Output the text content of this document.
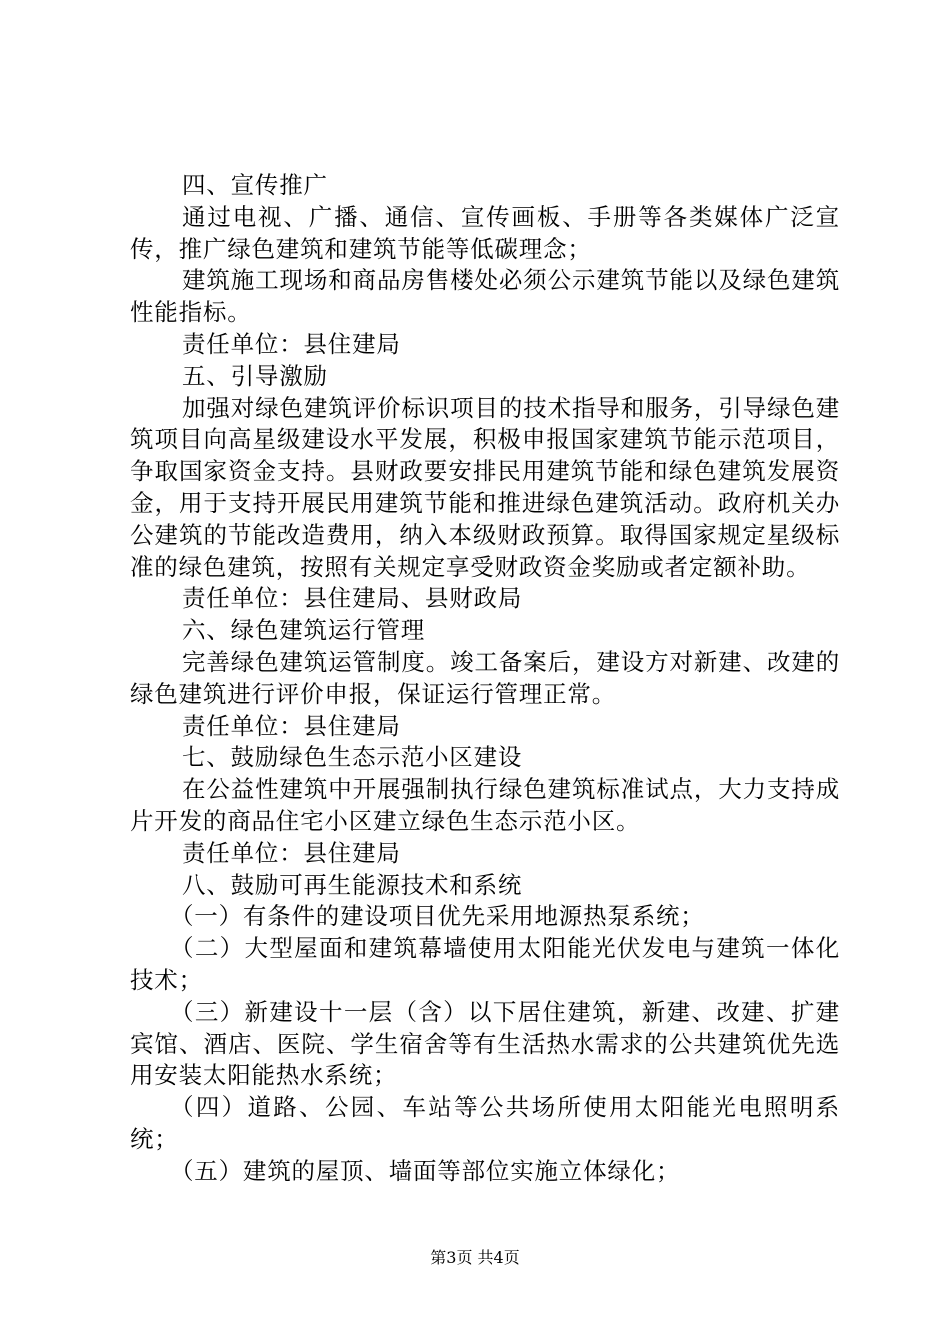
四、宣传推广

通过电视、广播、通信、宣传画板、手册等各类媒体广泛宣传，推广绿色建筑和建筑节能等低碳理念；

建筑施工现场和商品房售楼处必须公示建筑节能以及绿色建筑性能指标。

责任单位：县住建局

五、引导激励

加强对绿色建筑评价标识项目的技术指导和服务，引导绿色建筑项目向高星级建设水平发展，积极申报国家建筑节能示范项目，争取国家资金支持。县财政要安排民用建筑节能和绿色建筑发展资金，用于支持开展民用建筑节能和推进绿色建筑活动。政府机关办公建筑的节能改造费用，纳入本级财政预算。取得国家规定星级标准的绿色建筑，按照有关规定享受财政资金奖励或者定额补助。

责任单位：县住建局、县财政局

六、绿色建筑运行管理

完善绿色建筑运管制度。竣工备案后，建设方对新建、改建的绿色建筑进行评价申报，保证运行管理正常。

责任单位：县住建局

七、鼓励绿色生态示范小区建设

在公益性建筑中开展强制执行绿色建筑标准试点，大力支持成片开发的商品住宅小区建立绿色生态示范小区。

责任单位：县住建局

八、鼓励可再生能源技术和系统

（一）有条件的建设项目优先采用地源热泵系统；

（二）大型屋面和建筑幕墙使用太阳能光伏发电与建筑一体化技术；

（三）新建设十一层（含）以下居住建筑，新建、改建、扩建宾馆、酒店、医院、学生宿舍等有生活热水需求的公共建筑优先选用安装太阳能热水系统；

（四）道路、公园、车站等公共场所使用太阳能光电照明系统；

（五）建筑的屋顶、墙面等部位实施立体绿化；

第3页 共4页
